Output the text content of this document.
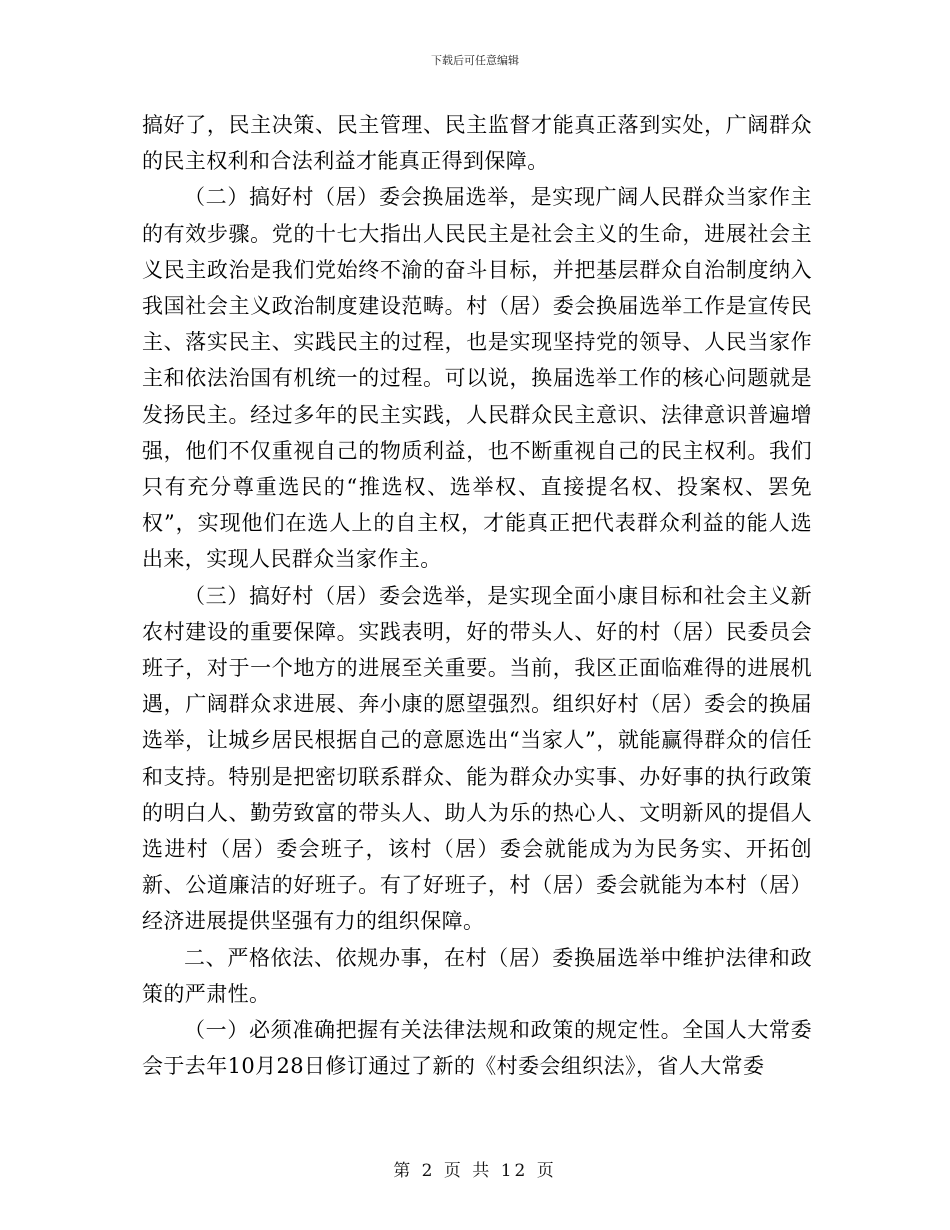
下载后可任意编辑

搞好了，民主决策、民主管理、民主监督才能真正落到实处，广阔群众的民主权利和合法利益才能真正得到保障。

（二）搞好村（居）委会换届选举，是实现广阔人民群众当家作主的有效步骤。党的十七大指出人民民主是社会主义的生命，进展社会主义民主政治是我们党始终不渝的奋斗目标，并把基层群众自治制度纳入我国社会主义政治制度建设范畴。村（居）委会换届选举工作是宣传民主、落实民主、实践民主的过程，也是实现坚持党的领导、人民当家作主和依法治国有机统一的过程。可以说，换届选举工作的核心问题就是发扬民主。经过多年的民主实践，人民群众民主意识、法律意识普遍增强，他们不仅重视自己的物质利益，也不断重视自己的民主权利。我们只有充分尊重选民的“推选权、选举权、直接提名权、投案权、罢免权”，实现他们在选人上的自主权，才能真正把代表群众利益的能人选出来，实现人民群众当家作主。

（三）搞好村（居）委会选举，是实现全面小康目标和社会主义新农村建设的重要保障。实践表明，好的带头人、好的村（居）民委员会班子，对于一个地方的进展至关重要。当前，我区正面临难得的进展机遇，广阔群众求进展、奔小康的愿望强烈。组织好村（居）委会的换届选举，让城乡居民根据自己的意愿选出“当家人”，就能赢得群众的信任和支持。特别是把密切联系群众、能为群众办实事、办好事的执行政策的明白人、勤劳致富的带头人、助人为乐的热心人、文明新风的提倡人选进村（居）委会班子，该村（居）委会就能成为为民务实、开拓创新、公道廉洁的好班子。有了好班子，村（居）委会就能为本村（居）经济进展提供坚强有力的组织保障。

二、严格依法、依规办事，在村（居）委换届选举中维护法律和政策的严肃性。

（一）必须准确把握有关法律法规和政策的规定性。全国人大常委会于去年10月28日修订通过了新的《村委会组织法》，省人大常委

第 2 页 共 12 页
